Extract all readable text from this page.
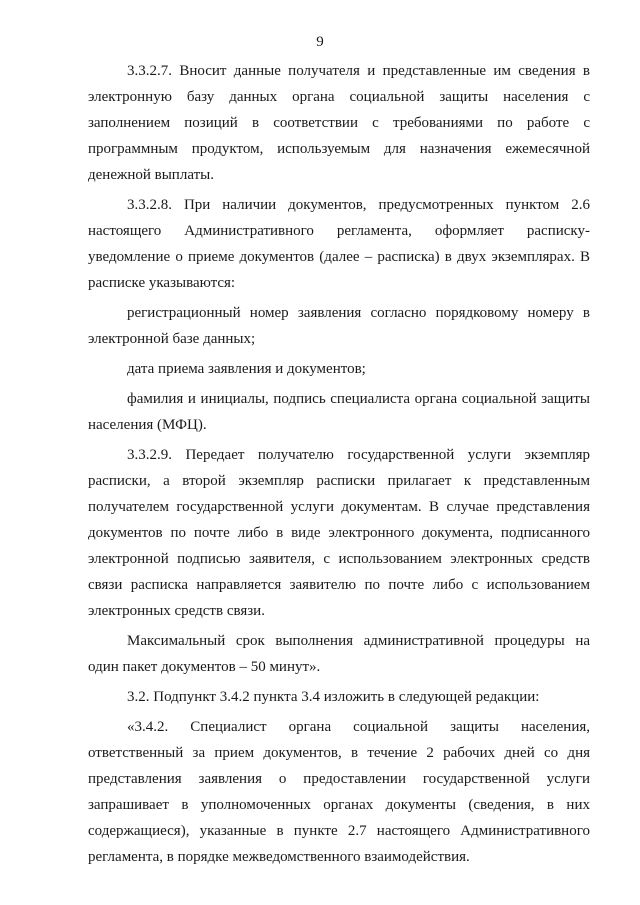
9

3.3.2.7. Вносит данные получателя и представленные им сведения в электронную базу данных органа социальной защиты населения с заполнением позиций в соответствии с требованиями по работе с программным продуктом, используемым для назначения ежемесячной денежной выплаты.

3.3.2.8. При наличии документов, предусмотренных пунктом 2.6 настоящего Административного регламента, оформляет расписку-уведомление о приеме документов (далее – расписка) в двух экземплярах. В расписке указываются:

регистрационный номер заявления согласно порядковому номеру в электронной базе данных;

дата приема заявления и документов;

фамилия и инициалы, подпись специалиста органа социальной защиты населения (МФЦ).

3.3.2.9. Передает получателю государственной услуги экземпляр расписки, а второй экземпляр расписки прилагает к представленным получателем государственной услуги документам. В случае представления документов по почте либо в виде электронного документа, подписанного электронной подписью заявителя, с использованием электронных средств связи расписка направляется заявителю по почте либо с использованием электронных средств связи.

Максимальный срок выполнения административной процедуры на один пакет документов – 50 минут».

3.2. Подпункт 3.4.2 пункта 3.4 изложить в следующей редакции:

«3.4.2. Специалист органа социальной защиты населения, ответственный за прием документов, в течение 2 рабочих дней со дня представления заявления о предоставлении государственной услуги запрашивает в уполномоченных органах документы (сведения, в них содержащиеся), указанные в пункте 2.7 настоящего Административного регламента, в порядке межведомственного взаимодействия.
